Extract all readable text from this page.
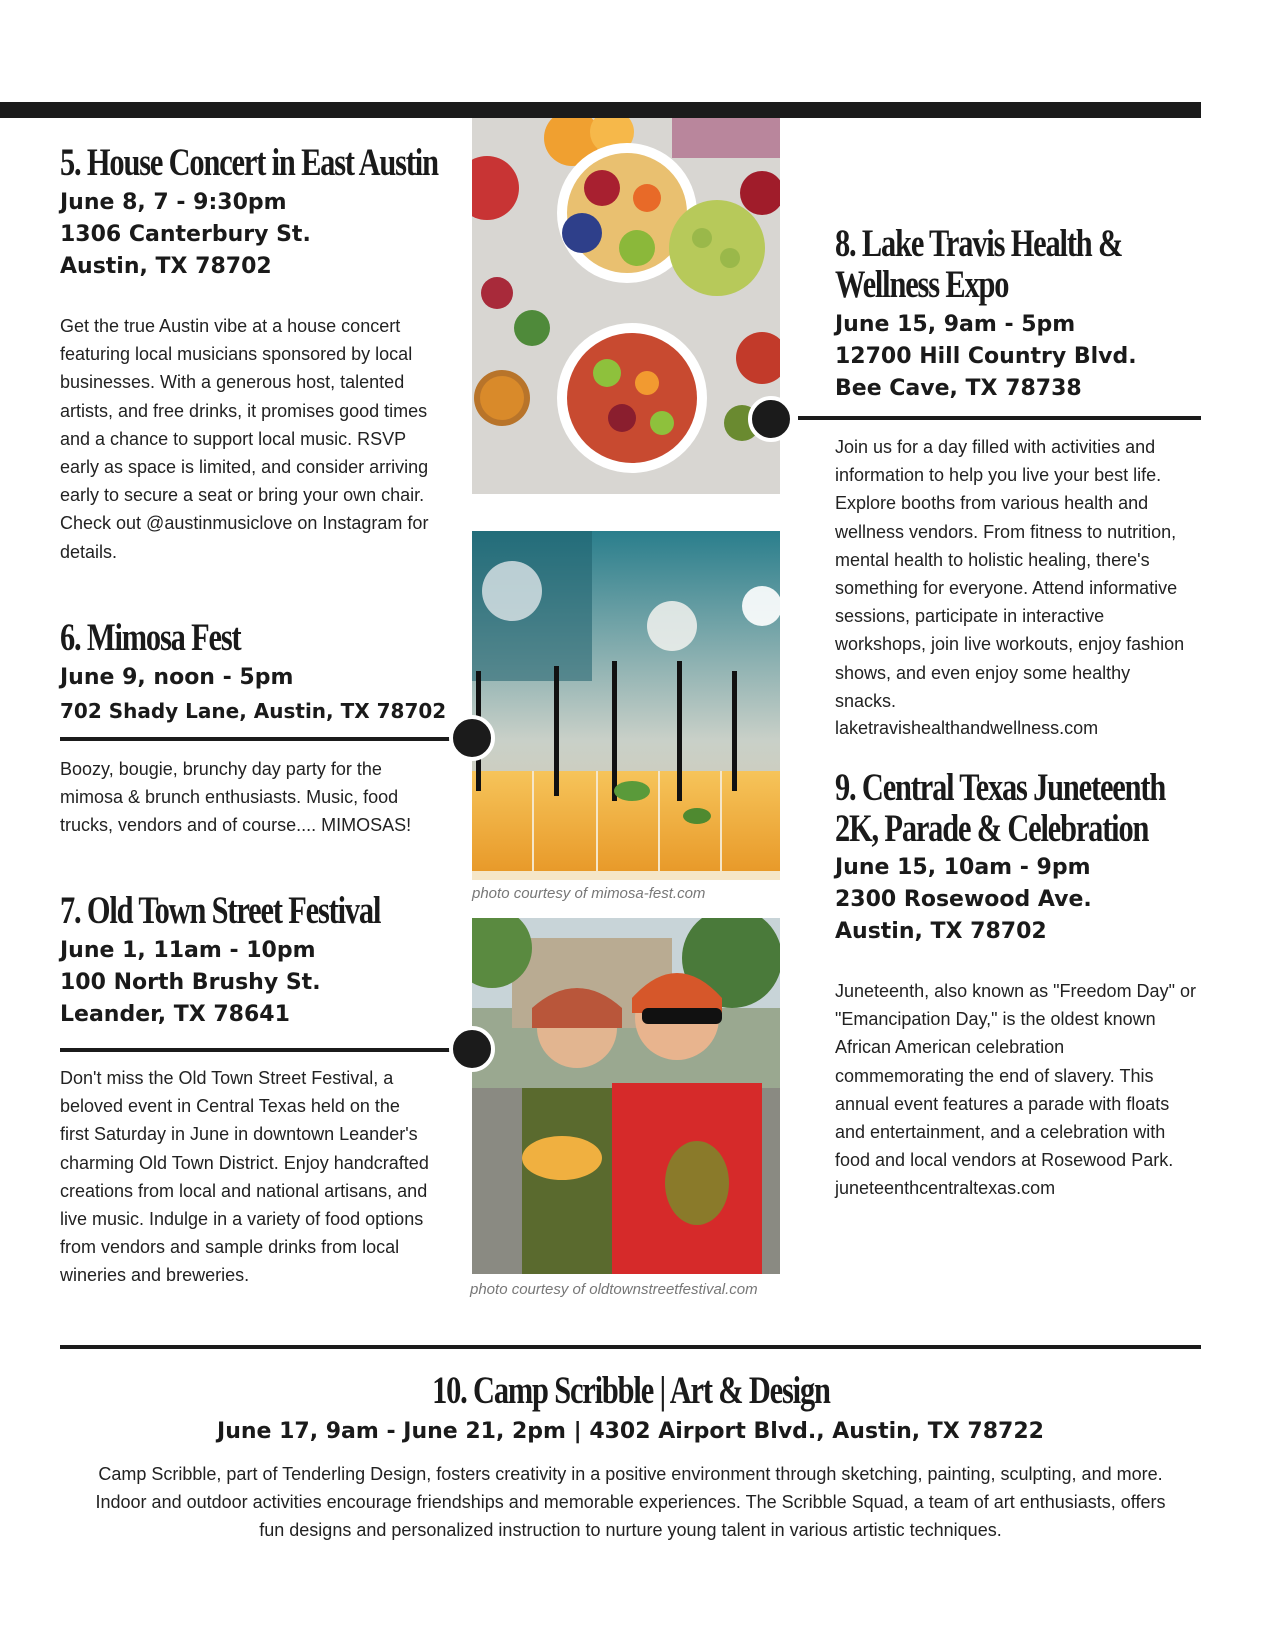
5. House Concert in East Austin
June 8, 7 - 9:30pm
1306 Canterbury St.
Austin, TX 78702
Get the true Austin vibe at a house concert featuring local musicians sponsored by local businesses. With a generous host, talented artists, and free drinks, it promises good times and a chance to support local music. RSVP early as space is limited, and consider arriving early to secure a seat or bring your own chair. Check out @austinmusiclove on Instagram for details.
6. Mimosa Fest
June 9, noon - 5pm
702 Shady Lane, Austin, TX 78702
Boozy, bougie, brunchy day party for the mimosa & brunch enthusiasts. Music, food trucks, vendors and of course.... MIMOSAS!
7. Old Town Street Festival
June 1, 11am - 10pm
100 North Brushy St.
Leander, TX 78641
Don't miss the Old Town Street Festival, a beloved event in Central Texas held on the first Saturday in June in downtown Leander's charming Old Town District. Enjoy handcrafted creations from local and national artisans, and live music. Indulge in a variety of food options from vendors and sample drinks from local wineries and breweries.
photo courtesy of mimosa-fest.com
photo courtesy of oldtownstreetfestival.com
8. Lake Travis Health &
Wellness Expo
June 15, 9am - 5pm
12700 Hill Country Blvd.
Bee Cave, TX 78738
Join us for a day filled with activities and information to help you live your best life. Explore booths from various health and wellness vendors. From fitness to nutrition, mental health to holistic healing, there's something for everyone. Attend informative sessions, participate in interactive workshops, join live workouts, enjoy fashion shows, and even enjoy some healthy snacks.
laketravishealthandwellness.com
9. Central Texas Juneteenth
2K, Parade & Celebration
June 15, 10am - 9pm
2300 Rosewood Ave.
Austin, TX 78702
Juneteenth, also known as "Freedom Day" or "Emancipation Day," is the oldest known African American celebration commemorating the end of slavery. This annual event features a parade with floats and entertainment, and a celebration with food and local vendors at Rosewood Park.
juneteenthcentraltexas.com
10. Camp Scribble | Art & Design
June 17, 9am - June 21, 2pm | 4302 Airport Blvd., Austin, TX 78722
Camp Scribble, part of Tenderling Design, fosters creativity in a positive environment through sketching, painting, sculpting, and more. Indoor and outdoor activities encourage friendships and memorable experiences. The Scribble Squad, a team of art enthusiasts, offers fun designs and personalized instruction to nurture young talent in various artistic techniques.
